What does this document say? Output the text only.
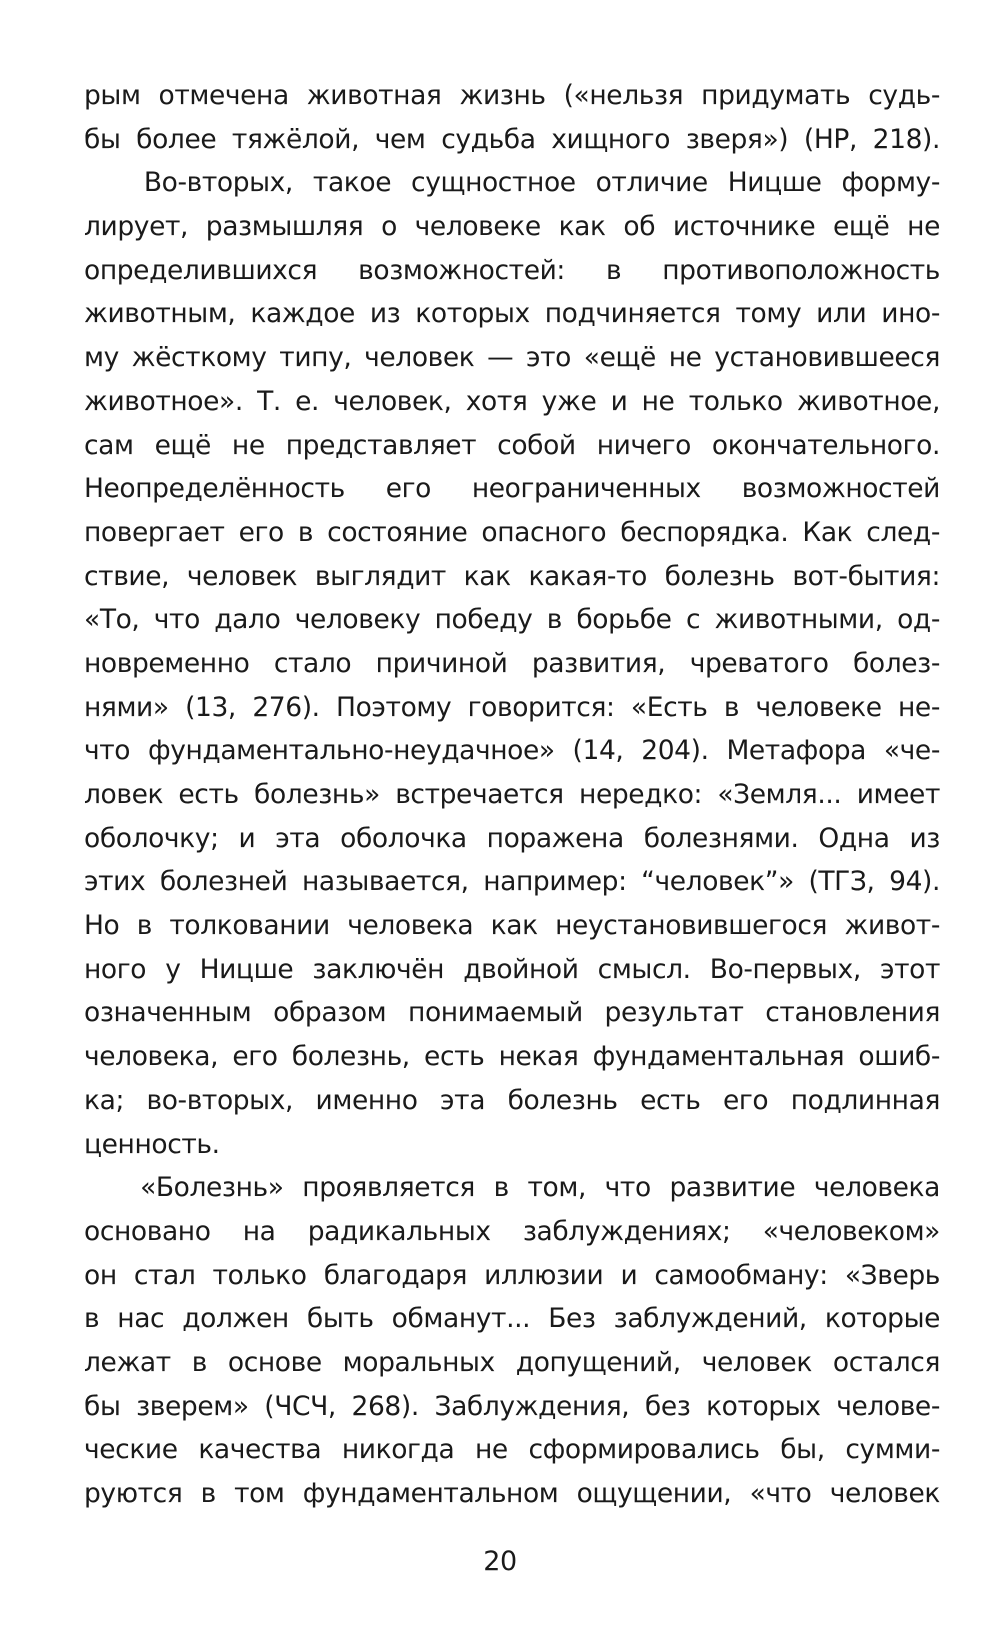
рым отмечена животная жизнь («нельзя придумать судь-
бы более тяжёлой, чем судьба хищного зверя») (НР, 218).
Во-вторых, такое сущностное отличие Ницше форму-
лирует, размышляя о человеке как об источнике ещё не
определившихся возможностей: в противоположность
животным, каждое из которых подчиняется тому или ино-
му жёсткому типу, человек — это «ещё не установившееся
животное». Т. е. человек, хотя уже и не только животное,
сам ещё не представляет собой ничего окончательного.
Неопределённость его неограниченных возможностей
повергает его в состояние опасного беспорядка. Как след-
ствие, человек выглядит как какая-то болезнь вот-бытия:
«То, что дало человеку победу в борьбе с животными, од-
новременно стало причиной развития, чреватого болез-
нями» (13, 276). Поэтому говорится: «Есть в человеке не-
что фундаментально-неудачное» (14, 204). Метафора «че-
ловек есть болезнь» встречается нередко: «Земля... имеет
оболочку; и эта оболочка поражена болезнями. Одна из
этих болезней называется, например: “человек”» (ТГЗ, 94).
Но в толковании человека как неустановившегося живот-
ного у Ницше заключён двойной смысл. Во-первых, этот
означенным образом понимаемый результат становления
человека, его болезнь, есть некая фундаментальная ошиб-
ка; во-вторых, именно эта болезнь есть его подлинная
ценность.
«Болезнь» проявляется в том, что развитие человека
основано на радикальных заблуждениях; «человеком»
он стал только благодаря иллюзии и самообману: «Зверь
в нас должен быть обманут... Без заблуждений, которые
лежат в основе моральных допущений, человек остался
бы зверем» (ЧСЧ, 268). Заблуждения, без которых челове-
ческие качества никогда не сформировались бы, сумми-
руются в том фундаментальном ощущении, «что человек
20
